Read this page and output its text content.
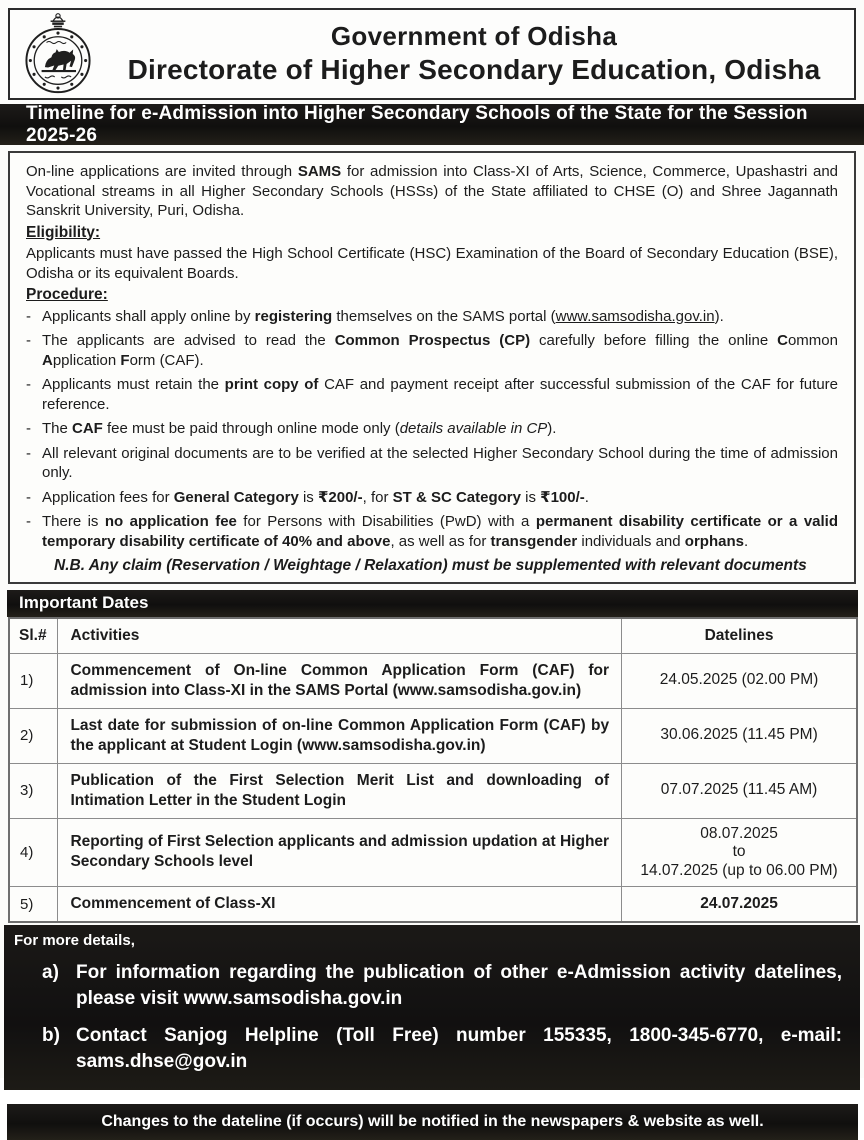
Government of Odisha
Directorate of Higher Secondary Education, Odisha
Timeline for e-Admission into Higher Secondary Schools of the State for the Session 2025-26

On-line applications are invited through SAMS for admission into Class-XI of Arts, Science, Commerce, Upashastri and Vocational streams in all Higher Secondary Schools (HSSs) of the State affiliated to CHSE (O) and Shree Jagannath Sanskrit University, Puri, Odisha.

Eligibility:

Applicants must have passed the High School Certificate (HSC) Examination of the Board of Secondary Education (BSE), Odisha or its equivalent Boards.

Procedure:
- Applicants shall apply online by registering themselves on the SAMS portal (www.samsodisha.gov.in).
- The applicants are advised to read the Common Prospectus (CP) carefully before filling the online Common Application Form (CAF).
- Applicants must retain the print copy of CAF and payment receipt after successful submission of the CAF for future reference.
- The CAF fee must be paid through online mode only (details available in CP).
- All relevant original documents are to be verified at the selected Higher Secondary School during the time of admission only.
- Application fees for General Category is ₹200/-, for ST & SC Category is ₹100/-.
- There is no application fee for Persons with Disabilities (PwD) with a permanent disability certificate or a valid temporary disability certificate of 40% and above, as well as for transgender individuals and orphans.

N.B. Any claim (Reservation / Weightage / Relaxation) must be supplemented with relevant documents

Important Dates
Sl.#	Activities	Datelines
1)	Commencement of On-line Common Application Form (CAF) for admission into Class-XI in the SAMS Portal (www.samsodisha.gov.in)	24.05.2025 (02.00 PM)

2)	Last date for submission of on-line Common Application Form (CAF) by the applicant at Student Login (www.samsodisha.gov.in)	30.06.2025 (11.45 PM)

3)	Publication of the First Selection Merit List and downloading of Intimation Letter in the Student Login	07.07.2025 (11.45 AM)

4)	Reporting of First Selection applicants and admission updation at Higher Secondary Schools level	08.07.2025
to
14.07.2025 (up to 06.00 PM)

5)	Commencement of Class-XI	24.07.2025
For more details,
a) For information regarding the publication of other e-Admission activity datelines, please visit www.samsodisha.gov.in
b) Contact Sanjog Helpline (Toll Free) number 155335, 1800-345-6770, e-mail: sams.dhse@gov.in
Changes to the dateline (if occurs) will be notified in the newspapers & website as well.
